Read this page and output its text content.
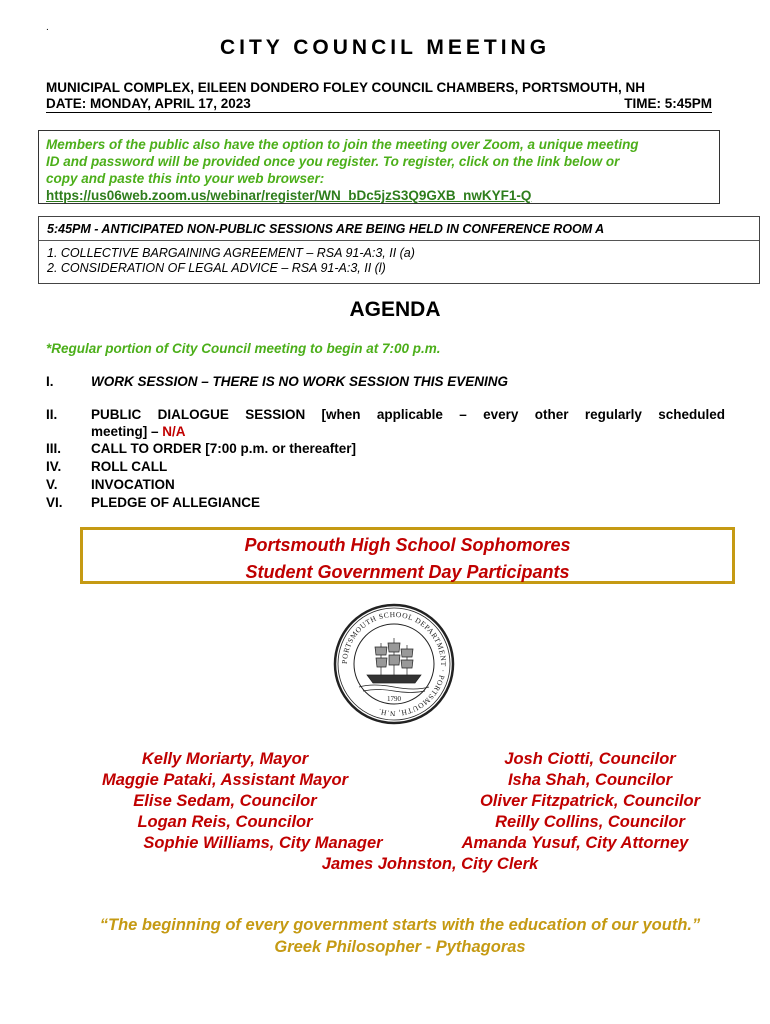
.
CITY COUNCIL MEETING
MUNICIPAL COMPLEX, EILEEN DONDERO FOLEY COUNCIL CHAMBERS, PORTSMOUTH, NH
DATE: MONDAY, APRIL 17, 2023	TIME: 5:45PM
Members of the public also have the option to join the meeting over Zoom, a unique meeting
ID and password will be provided once you register. To register, click on the link below or
copy and paste this into your web browser:
https://us06web.zoom.us/webinar/register/WN_bDc5jzS3Q9GXB_nwKYF1-Q
5:45PM - ANTICIPATED NON-PUBLIC SESSIONS ARE BEING HELD IN CONFERENCE ROOM A
1. COLLECTIVE BARGAINING AGREEMENT – RSA 91-A:3, II (a)
2. CONSIDERATION OF LEGAL ADVICE – RSA 91-A:3, II (l)
AGENDA
*Regular portion of City Council meeting to begin at 7:00 p.m.
I.	WORK SESSION – THERE IS NO WORK SESSION THIS EVENING
II.	PUBLIC DIALOGUE SESSION [when applicable – every other regularly scheduled
meeting] – N/A
III.	CALL TO ORDER [7:00 p.m. or thereafter]
IV.	ROLL CALL
V.	INVOCATION
VI.	PLEDGE OF ALLEGIANCE
Portsmouth High School Sophomores
Student Government Day Participants
PORTSMOUTH SCHOOL DEPARTMENT · PORTSMOUTH, N.H.
1790
Kelly Moriarty, Mayor
Maggie Pataki, Assistant Mayor
Elise Sedam, Councilor
Logan Reis, Councilor
Sophie Williams, City Manager
Josh Ciotti, Councilor
Isha Shah, Councilor
Oliver Fitzpatrick, Councilor
Reilly Collins, Councilor
Amanda Yusuf, City Attorney
James Johnston, City Clerk
“The beginning of every government starts with the education of our youth.”
Greek Philosopher - Pythagoras
